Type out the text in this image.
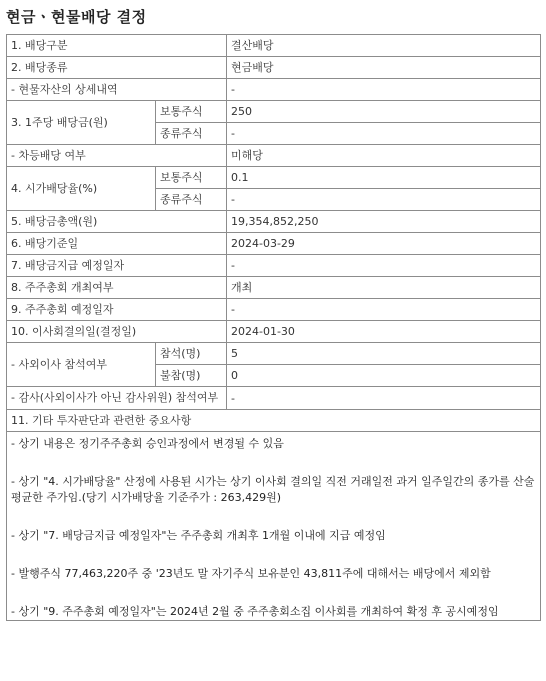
현금ㆍ현물배당 결정
1. 배당구분		결산배당
2. 배당종류		현금배당
- 현물자산의 상세내역		-
3. 1주당 배당금(원)	보통주식	250
	종류주식	-
- 차등배당 여부		미해당
4. 시가배당율(%)	보통주식	0.1
	종류주식	-
5. 배당금총액(원)		19,354,852,250
6. 배당기준일		2024-03-29
7. 배당금지급 예정일자		-
8. 주주총회 개최여부		개최
9. 주주총회 예정일자		-
10. 이사회결의일(결정일)		2024-01-30
- 사외이사 참석여부	참석(명)	5
	불참(명)	0
- 감사(사외이사가 아닌 감사위원) 참석여부		-
11. 기타 투자판단과 관련한 중요사항		

- 상기 내용은 정기주주총회 승인과정에서 변경될 수 있음

- 상기 "4. 시가배당율" 산정에 사용된 시가는 상기 이사회 결의일 직전 거래일전 과거 일주일간의 종가를 산술평균한 주가임.(당기 시가배당율 기준주가 : 263,429원)

- 상기 "7. 배당금지급 예정일자"는 주주총회 개최후 1개월 이내에 지급 예정임

- 발행주식 77,463,220주 중 '23년도 말 자기주식 보유분인 43,811주에 대해서는 배당에서 제외함

- 상기 "9. 주주총회 예정일자"는 2024년 2월 중 주주총회소집 이사회를 개최하여 확정 후 공시예정임		
